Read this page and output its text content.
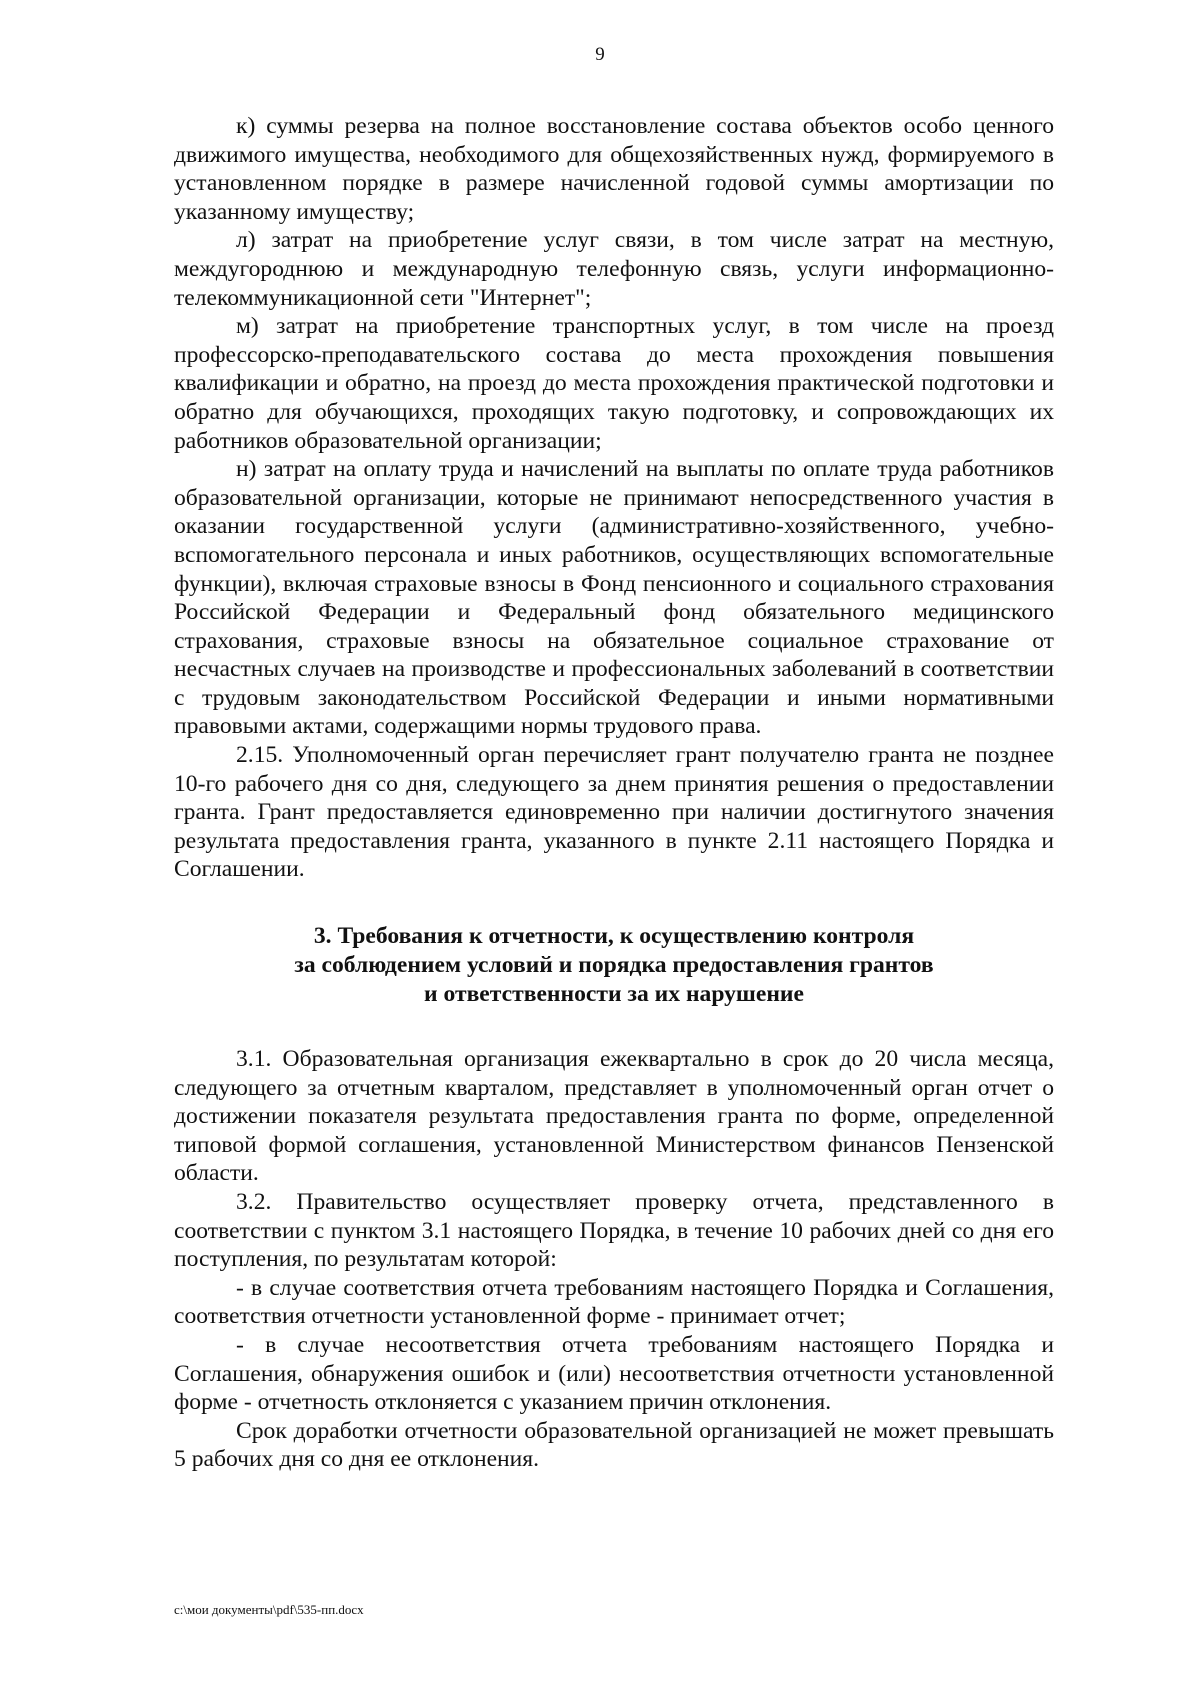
9

к) суммы резерва на полное восстановление состава объектов особо ценного движимого имущества, необходимого для общехозяйственных нужд, формируемого в установленном порядке в размере начисленной годовой суммы амортизации по указанному имуществу;

л) затрат на приобретение услуг связи, в том числе затрат на местную, междугороднюю и международную телефонную связь, услуги информационно-телекоммуникационной сети "Интернет";

м) затрат на приобретение транспортных услуг, в том числе на проезд профессорско-преподавательского состава до места прохождения повышения квалификации и обратно, на проезд до места прохождения практической подготовки и обратно для обучающихся, проходящих такую подготовку, и сопровождающих их работников образовательной организации;

н) затрат на оплату труда и начислений на выплаты по оплате труда работников образовательной организации, которые не принимают непосредственного участия в оказании государственной услуги (административно-хозяйственного, учебно-вспомогательного персонала и иных работников, осуществляющих вспомогательные функции), включая страховые взносы в Фонд пенсионного и социального страхования Российской Федерации и Федеральный фонд обязательного медицинского страхования, страховые взносы на обязательное социальное страхование от несчастных случаев на производстве и профессиональных заболеваний в соответствии с трудовым законодательством Российской Федерации и иными нормативными правовыми актами, содержащими нормы трудового права.

2.15. Уполномоченный орган перечисляет грант получателю гранта не позднее 10-го рабочего дня со дня, следующего за днем принятия решения о предоставлении гранта. Грант предоставляется единовременно при наличии достигнутого значения результата предоставления гранта, указанного в пункте 2.11 настоящего Порядка и Соглашении.

3. Требования к отчетности, к осуществлению контроля
за соблюдением условий и порядка предоставления грантов
и ответственности за их нарушение

3.1. Образовательная организация ежеквартально в срок до 20 числа месяца, следующего за отчетным кварталом, представляет в уполномоченный орган отчет о достижении показателя результата предоставления гранта по форме, определенной типовой формой соглашения, установленной Министерством финансов Пензенской области.

3.2. Правительство осуществляет проверку отчета, представленного в соответствии с пунктом 3.1 настоящего Порядка, в течение 10 рабочих дней со дня его поступления, по результатам которой:

- в случае соответствия отчета требованиям настоящего Порядка и Соглашения, соответствия отчетности установленной форме - принимает отчет;

- в случае несоответствия отчета требованиям настоящего Порядка и Соглашения, обнаружения ошибок и (или) несоответствия отчетности установленной форме - отчетность отклоняется с указанием причин отклонения.

Срок доработки отчетности образовательной организацией не может превышать 5 рабочих дня со дня ее отклонения.

c:\мои документы\pdf\535-пп.docx
